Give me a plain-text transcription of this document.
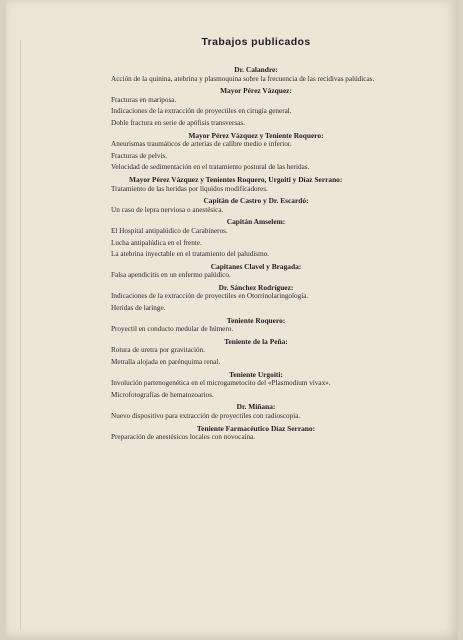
Trabajos publicados

Dr. Calandre:

Acción de la quinina, atebrina y plasmoquina sobre la frecuencia de las recidivas palúdicas.

Mayor Pérez Vázquez:

Fracturas en mariposa.

Indicaciones de la extracción de proyectiles en cirugía general.

Doble fractura en serie de apófisis transversas.

Mayor Pérez Vázquez y Teniente Roquero:

Aneurismas traumáticos de arterias de calibre medio e inferior.

Fracturas de pelvis.

Velocidad de sedimentación en el tratamiento postural de las heridas.

Mayor Pérez Vázquez y Tenientes Roquero, Urgoiti y Díaz Serrano:

Tratamiento de las heridas por líquidos modificadores.

Capitán de Castro y Dr. Escardó:

Un caso de lepra nerviosa o anestésica.

Capitán Amselem:

El Hospital antipalúdico de Carabineros.

Lucha antipalúdica en el frente.

La atebrina inyectable en el tratamiento del paludismo.

Capitanes Clavel y Bragada:

Falsa apendicitis en un enfermo palúdico.

Dr. Sánchez Rodríguez:

Indicaciones de la extracción de proyectiles en Otorrinolaringología.

Heridas de laringe.

Teniente Roquero:

Proyectil en conducto medular de húmero.

Teniente de la Peña:

Rotura de uretra por gravitación.

Metralla alojada en parénquima renal.

Teniente Urgoiti:

Involución partenogenética en el microgametocito del «Plasmodium vivax».

Microfotografías de hematozoarios.

Dr. Miñana:

Nuevo dispositivo para extracción de proyectiles con radioscopia.

Teniente Farmacéutico Díaz Serrano:

Preparación de anestésicos locales con novocaína.
